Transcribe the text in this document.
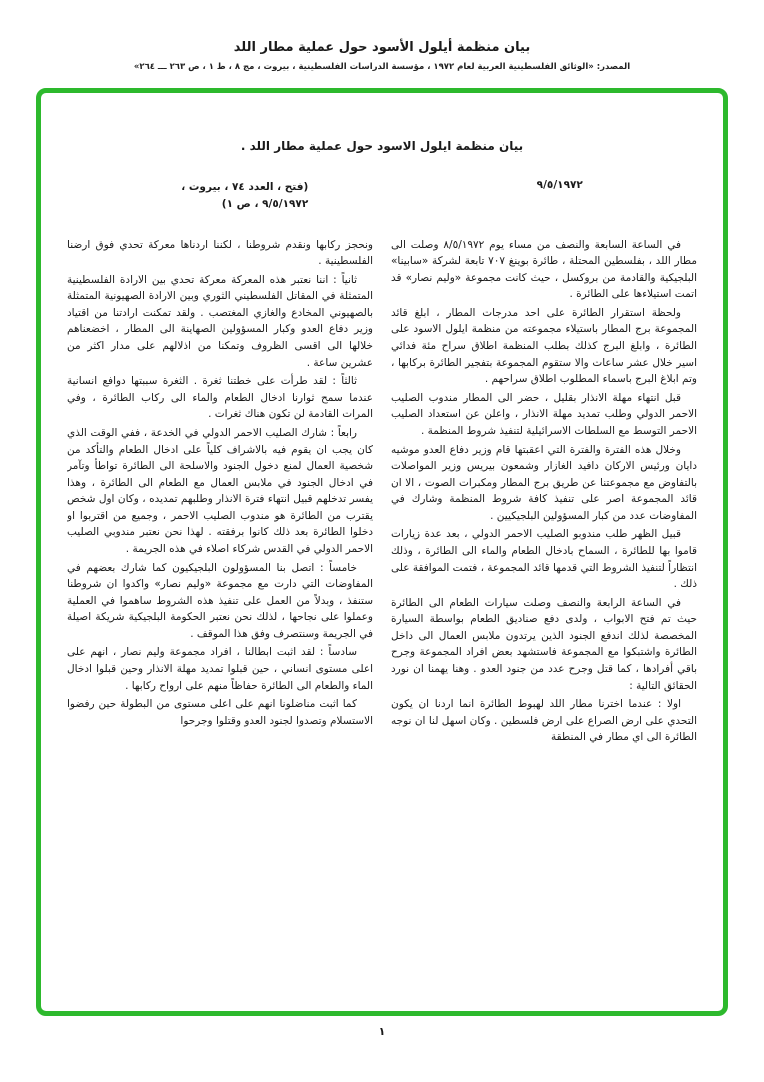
بيان منظمة أيلول الأسود حول عملية مطار اللد
المصدر: «الوثائق الفلسطينية العربية لعام ١٩٧٢ ، مؤسسة الدراسات الفلسطينية ، بيروت ، مج ٨ ، ط ١ ، ص ٢٦٣ ـــ ٢٦٤»
بيان منظمة ايلول الاسود حول عملية مطار اللد .
٩/٥/١٩٧٢
(فتح ، العدد ٧٤ ، بيروت ،
٩/٥/١٩٧٢ ، ص ١)

في الساعة السابعة والنصف من مساء يوم ٨/٥/١٩٧٢ وصلت الى مطار اللد ، بفلسطين المحتلة ، طائرة بوينغ ٧٠٧ تابعة لشركة «سابينا» البلجيكية والقادمة من بروكسل ، حيث كانت مجموعة «وليم نصار» قد اتمت استيلاءها على الطائرة .

ولحظة استقرار الطائرة على احد مدرجات المطار ، ابلغ قائد المجموعة برج المطار باستيلاء مجموعته من منظمة ايلول الاسود على الطائرة ، وابلغ البرج كذلك بطلب المنظمة اطلاق سراح مئة فدائي اسير خلال عشر ساعات والا ستقوم المجموعة بتفجير الطائرة بركابها ، وتم ابلاغ البرج باسماء المطلوب اطلاق سراحهم .

قبل انتهاء مهلة الانذار بقليل ، حضر الى المطار مندوب الصليب الاحمر الدولي وطلب تمديد مهلة الانذار ، واعلن عن استعداد الصليب الاحمر التوسط مع السلطات الاسرائيلية لتنفيذ شروط المنظمة .

وخلال هذه الفترة والفترة التي اعقبتها قام وزير دفاع العدو موشيه دايان ورئيس الاركان دافيد الغازار وشمعون بيريس وزير المواصلات بالتفاوض مع مجموعتنا عن طريق برج المطار ومكبرات الصوت ، الا ان قائد المجموعة اصر على تنفيذ كافة شروط المنظمة وشارك في المفاوضات عدد من كبار المسؤولين البلجيكيين .

قبيل الظهر طلب مندوبو الصليب الاحمر الدولي ، بعد عدة زيارات قاموا بها للطائرة ، السماح بادخال الطعام والماء الى الطائرة ، وذلك انتظاراً لتنفيذ الشروط التي قدمها قائد المجموعة ، فتمت الموافقة على ذلك .

في الساعة الرابعة والنصف وصلت سيارات الطعام الى الطائرة حيث تم فتح الابواب ، ولدى دفع صناديق الطعام بواسطة السيارة المخصصة لذلك اندفع الجنود الذين يرتدون ملابس العمال الى داخل الطائرة واشتبكوا مع المجموعة فاستشهد بعض افراد المجموعة وجرح باقي أفرادها ، كما قتل وجرح عدد من جنود العدو . وهنا يهمنا ان نورد الحقائق التالية :

اولا : عندما اخترنا مطار اللد لهبوط الطائرة انما اردنا ان يكون التحدي على ارض الصراع على ارض فلسطين . وكان اسهل لنا ان نوجه الطائرة الى اي مطار في المنطقة

ونحجز ركابها ونقدم شروطنا ، لكننا اردناها معركة تحدي فوق ارضنا الفلسطينية .

ثانياً : اننا نعتبر هذه المعركة معركة تحدي بين الارادة الفلسطينية المتمثلة في المقاتل الفلسطيني الثوري وبين الارادة الصهيونية المتمثلة بالصهيوني المخادع والغازي المغتصب . ولقد تمكنت ارادتنا من اقتياد وزير دفاع العدو وكبار المسؤولين الصهاينة الى المطار ، اخضعناهم خلالها الى اقسى الظروف وتمكنا من اذلالهم على مدار اكثر من عشرين ساعة .

ثالثاً : لقد طرأت على خطتنا ثغرة . الثغرة سببتها دوافع انسانية عندما سمح ثوارنا ادخال الطعام والماء الى ركاب الطائرة ، وفي المرات القادمة لن تكون هناك ثغرات .

رابعاً : شارك الصليب الاحمر الدولي في الخدعة ، ففي الوقت الذي كان يجب ان يقوم فيه بالاشراف كلياً على ادخال الطعام والتأكد من شخصية العمال لمنع دخول الجنود والاسلحة الى الطائرة تواطأ وتآمر في ادخال الجنود في ملابس العمال مع الطعام الى الطائرة ، وهذا يفسر تدخلهم قبيل انتهاء فترة الانذار وطلبهم تمديده ، وكان اول شخص يقترب من الطائرة هو مندوب الصليب الاحمر ، وجميع من اقتربوا او دخلوا الطائرة بعد ذلك كانوا برفقته . لهذا نحن نعتبر مندوبي الصليب الاحمر الدولي في القدس شركاء اصلاء في هذه الجريمة .

خامساً : اتصل بنا المسؤولون البلجيكيون كما شارك بعضهم في المفاوضات التي دارت مع مجموعة «وليم نصار» واكدوا ان شروطنا ستنفذ ، وبدلاً من العمل على تنفيذ هذه الشروط ساهموا في العملية وعملوا على نجاحها ، لذلك نحن نعتبر الحكومة البلجيكية شريكة اصيلة في الجريمة وسنتصرف وفق هذا الموقف .

سادساً : لقد اثبت ابطالنا ، افراد مجموعة وليم نصار ، انهم على اعلى مستوى انساني ، حين قبلوا تمديد مهلة الانذار وحين قبلوا ادخال الماء والطعام الى الطائرة حفاظاً منهم على ارواح ركابها .

كما اثبت مناضلونا انهم على اعلى مستوى من البطولة حين رفضوا الاستسلام وتصدوا لجنود العدو وقتلوا وجرحوا

١
